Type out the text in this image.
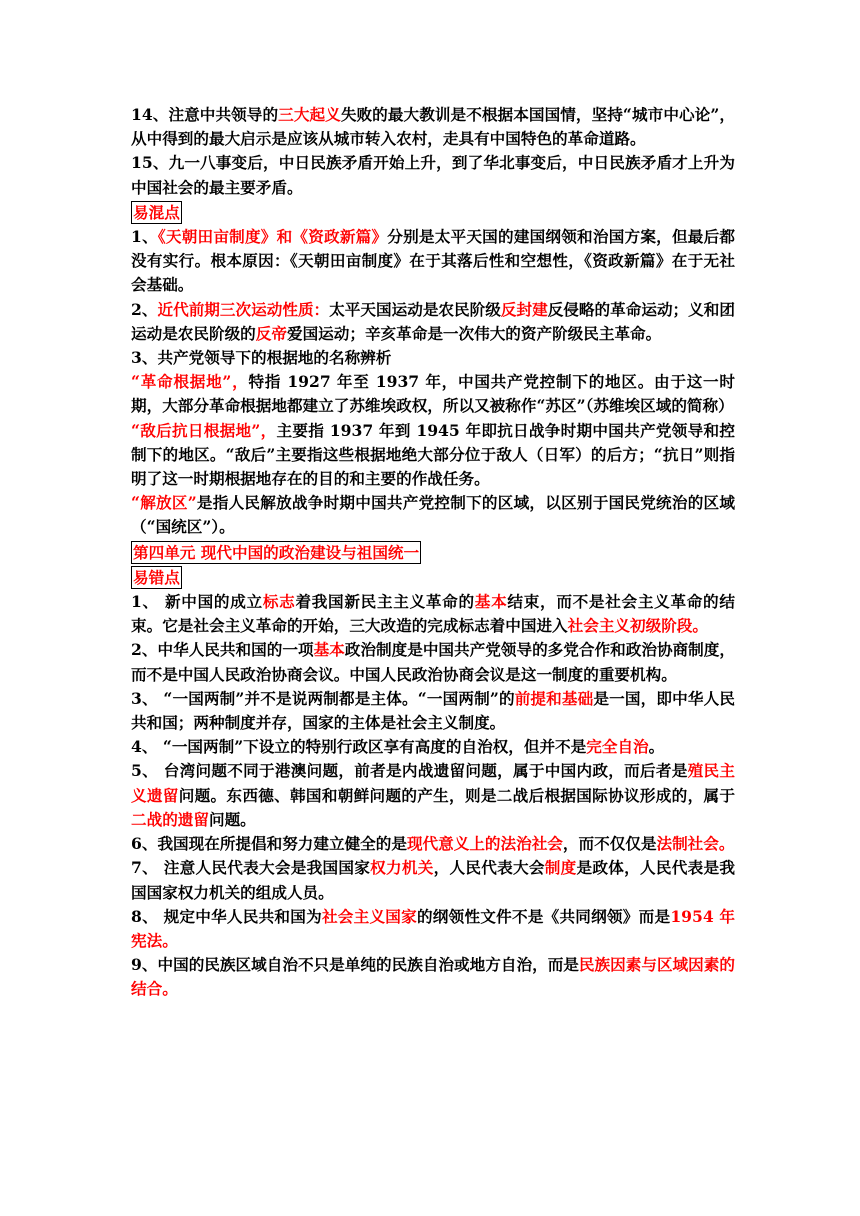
14、注意中共领导的三大起义失败的最大教训是不根据本国国情，坚持“城市中心论”，从中得到的最大启示是应该从城市转入农村，走具有中国特色的革命道路。

15、九一八事变后，中日民族矛盾开始上升，到了华北事变后，中日民族矛盾才上升为中国社会的最主要矛盾。

易混点

1、《天朝田亩制度》和《资政新篇》分别是太平天国的建国纲领和治国方案，但最后都没有实行。根本原因：《天朝田亩制度》在于其落后性和空想性，《资政新篇》在于无社会基础。

2、近代前期三次运动性质：太平天国运动是农民阶级反封建反侵略的革命运动；义和团运动是农民阶级的反帝爱国运动；辛亥革命是一次伟大的资产阶级民主革命。

3、共产党领导下的根据地的名称辨析

“革命根据地”，特指 1927 年至 1937 年，中国共产党控制下的地区。由于这一时期，大部分革命根据地都建立了苏维埃政权，所以又被称作“苏区”（苏维埃区域的简称）

“敌后抗日根据地”，主要指 1937 年到 1945 年即抗日战争时期中国共产党领导和控制下的地区。“敌后”主要指这些根据地绝大部分位于敌人（日军）的后方；“抗日”则指明了这一时期根据地存在的目的和主要的作战任务。

“解放区”是指人民解放战争时期中国共产党控制下的区域，以区别于国民党统治的区域（“国统区”）。

第四单元 现代中国的政治建设与祖国统一
易错点

1、 新中国的成立标志着我国新民主主义革命的基本结束，而不是社会主义革命的结束。它是社会主义革命的开始，三大改造的完成标志着中国进入社会主义初级阶段。

2、中华人民共和国的一项基本政治制度是中国共产党领导的多党合作和政治协商制度，而不是中国人民政治协商会议。中国人民政治协商会议是这一制度的重要机构。

3、 “一国两制”并不是说两制都是主体。“一国两制”的前提和基础是一国，即中华人民共和国；两种制度并存，国家的主体是社会主义制度。

4、 “一国两制”下设立的特别行政区享有高度的自治权，但并不是完全自治。

5、 台湾问题不同于港澳问题，前者是内战遗留问题，属于中国内政，而后者是殖民主义遗留问题。东西德、韩国和朝鲜问题的产生，则是二战后根据国际协议形成的，属于二战的遗留问题。

6、我国现在所提倡和努力建立健全的是现代意义上的法治社会，而不仅仅是法制社会。

7、 注意人民代表大会是我国国家权力机关，人民代表大会制度是政体，人民代表是我国国家权力机关的组成人员。

8、 规定中华人民共和国为社会主义国家的纲领性文件不是《共同纲领》而是1954 年宪法。

9、中国的民族区域自治不只是单纯的民族自治或地方自治，而是民族因素与区域因素的结合。
